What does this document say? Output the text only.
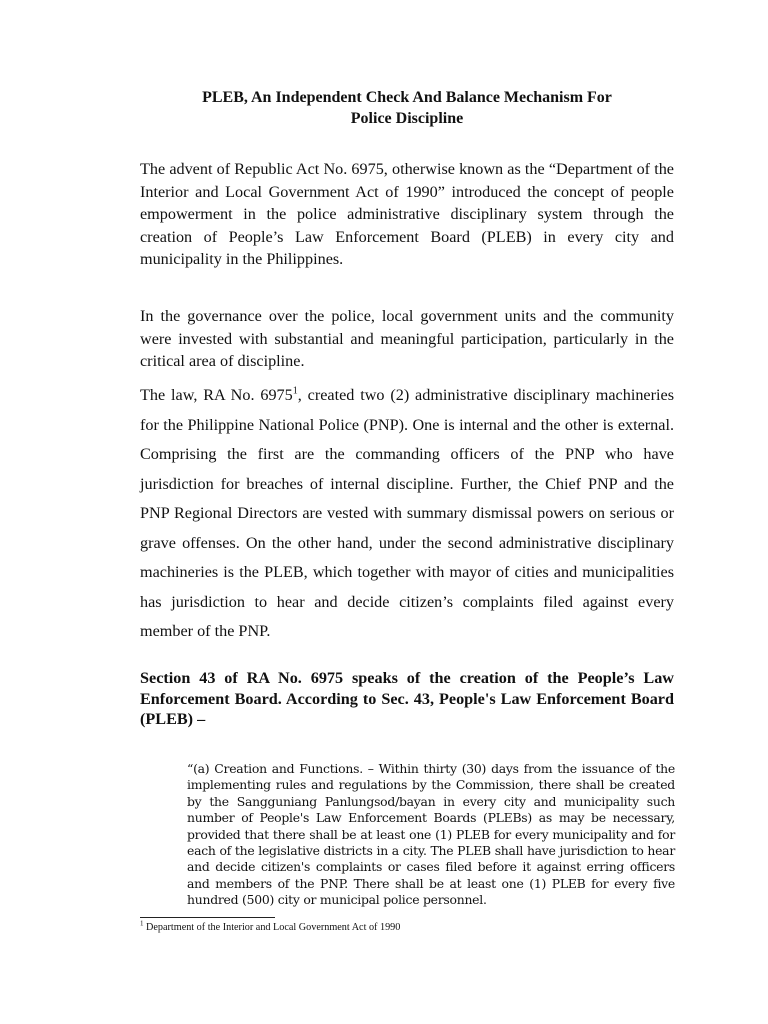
PLEB, An Independent Check And Balance Mechanism For
Police Discipline

The advent of Republic Act No. 6975, otherwise known as the “Department of the Interior and Local Government Act of 1990” introduced the concept of people empowerment in the police administrative disciplinary system through the creation of People’s Law Enforcement Board (PLEB) in every city and municipality in the Philippines.

In the governance over the police, local government units and the community were invested with substantial and meaningful participation, particularly in the critical area of discipline.

The law, RA No. 6975$^1$, created two (2) administrative disciplinary machineries for the Philippine National Police (PNP). One is internal and the other is external. Comprising the first are the commanding officers of the PNP who have jurisdiction for breaches of internal discipline. Further, the Chief PNP and the PNP Regional Directors are vested with summary dismissal powers on serious or grave offenses. On the other hand, under the second administrative disciplinary machineries is the PLEB, which together with mayor of cities and municipalities has jurisdiction to hear and decide citizen’s complaints filed against every member of the PNP.

Section 43 of RA No. 6975 speaks of the creation of the People’s Law Enforcement Board. According to Sec. 43, People's Law Enforcement Board (PLEB) –

“(a) Creation and Functions. – Within thirty (30) days from the issuance of the implementing rules and regulations by the Commission, there shall be created by the Sangguniang Panlungsod/bayan in every city and municipality such number of People's Law Enforcement Boards (PLEBs) as may be necessary, provided that there shall be at least one (1) PLEB for every municipality and for each of the legislative districts in a city. The PLEB shall have jurisdiction to hear and decide citizen's complaints or cases filed before it against erring officers and members of the PNP. There shall be at least one (1) PLEB for every five hundred (500) city or municipal police personnel.

$^1$ Department of the Interior and Local Government Act of 1990
